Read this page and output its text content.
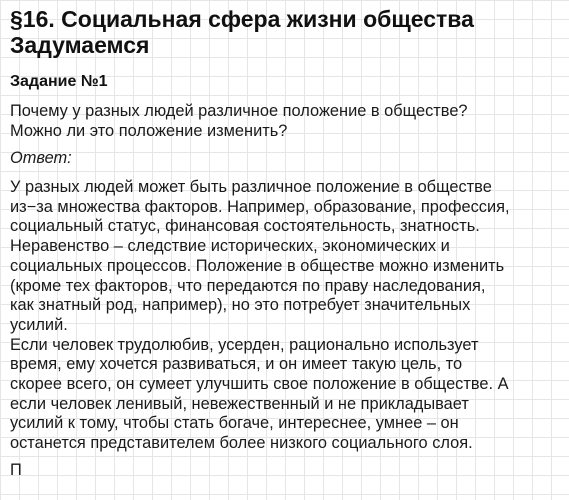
§16. Социальная сфера жизни общества
Задумаемся
Задание №1
Почему у разных людей различное положение в обществе?
Можно ли это положение изменить?
Ответ:

У разных людей может быть различное положение в обществе
из−за множества факторов. Например, образование, профессия,
социальный статус, финансовая состоятельность, знатность.
Неравенство – следствие исторических, экономических и
социальных процессов. Положение в обществе можно изменить
(кроме тех факторов, что передаются по праву наследования,
как знатный род, например), но это потребует значительных
усилий.

Если человек трудолюбив, усерден, рационально использует
время, ему хочется развиваться, и он имеет такую цель, то
скорее всего, он сумеет улучшить свое положение в обществе. А
если человек ленивый, невежественный и не прикладывает
усилий к тому, чтобы стать богаче, интереснее, умнее – он
останется представителем более низкого социального слоя.

П
